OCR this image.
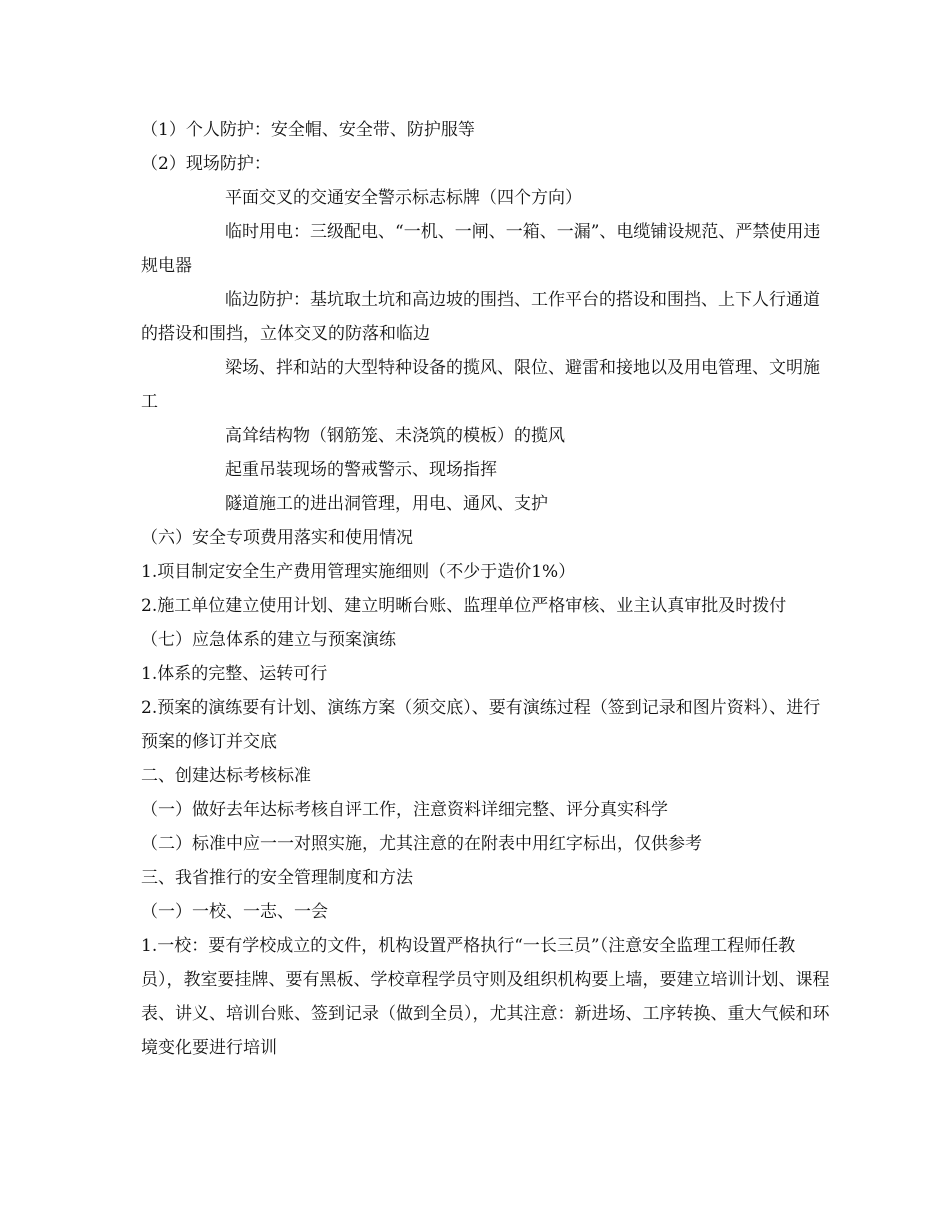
（1）个人防护：安全帽、安全带、防护服等

（2）现场防护：

平面交叉的交通安全警示标志标牌（四个方向）

临时用电：三级配电、“一机、一闸、一箱、一漏”、电缆铺设规范、严禁使用违规电器

临边防护：基坑取土坑和高边坡的围挡、工作平台的搭设和围挡、上下人行通道的搭设和围挡，立体交叉的防落和临边

梁场、拌和站的大型特种设备的揽风、限位、避雷和接地以及用电管理、文明施工

高耸结构物（钢筋笼、未浇筑的模板）的揽风

起重吊装现场的警戒警示、现场指挥

隧道施工的进出洞管理，用电、通风、支护

（六）安全专项费用落实和使用情况

1.项目制定安全生产费用管理实施细则（不少于造价1%）

2.施工单位建立使用计划、建立明晰台账、监理单位严格审核、业主认真审批及时拨付

（七）应急体系的建立与预案演练

1.体系的完整、运转可行

2.预案的演练要有计划、演练方案（须交底）、要有演练过程（签到记录和图片资料）、进行预案的修订并交底

二、创建达标考核标准

（一）做好去年达标考核自评工作，注意资料详细完整、评分真实科学

（二）标准中应一一对照实施，尤其注意的在附表中用红字标出，仅供参考

三、我省推行的安全管理制度和方法

（一）一校、一志、一会

1.一校：要有学校成立的文件，机构设置严格执行“一长三员”（注意安全监理工程师任教员），教室要挂牌、要有黑板、学校章程学员守则及组织机构要上墙，要建立培训计划、课程表、讲义、培训台账、签到记录（做到全员），尤其注意：新进场、工序转换、重大气候和环境变化要进行培训
